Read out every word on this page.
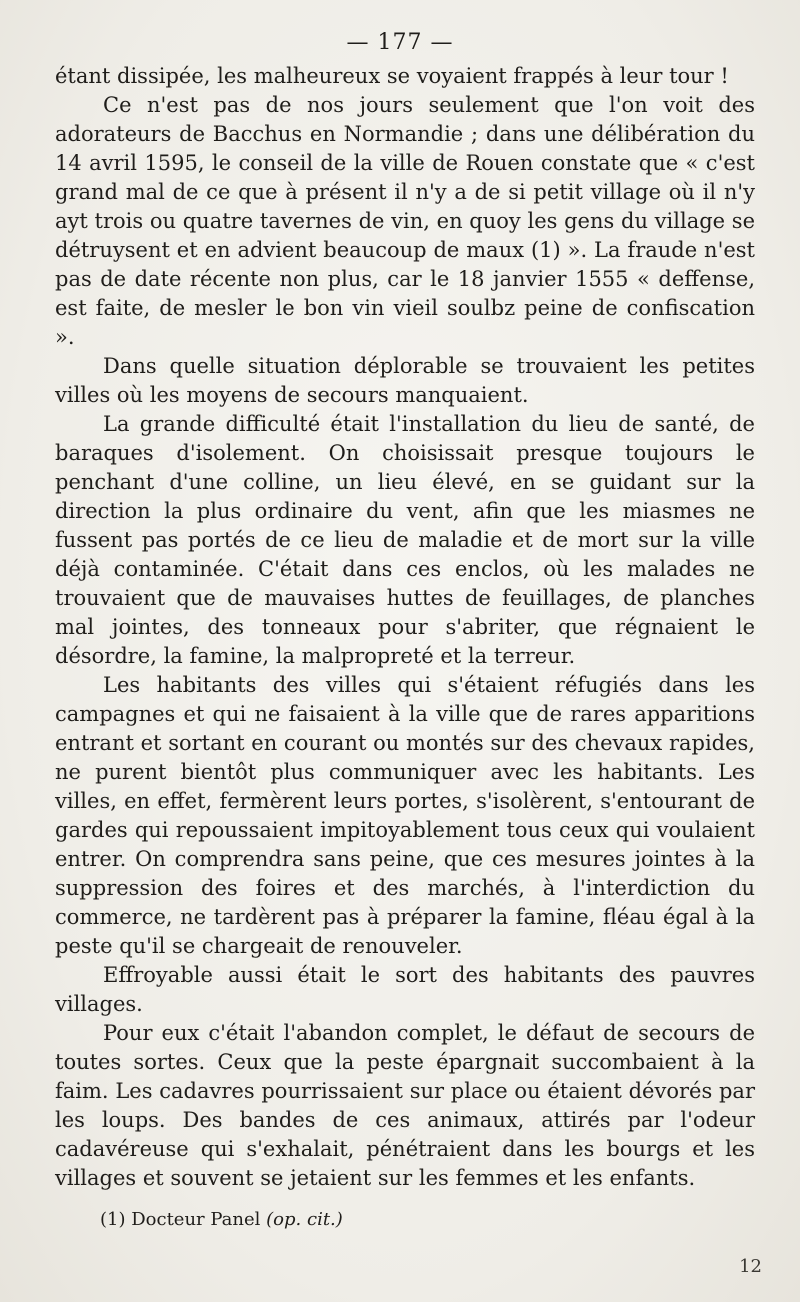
— 177 —

étant dissipée, les malheureux se voyaient frappés à leur tour !

Ce n'est pas de nos jours seulement que l'on voit des adorateurs de Bacchus en Normandie ; dans une délibération du 14 avril 1595, le conseil de la ville de Rouen constate que « c'est grand mal de ce que à présent il n'y a de si petit village où il n'y ayt trois ou quatre tavernes de vin, en quoy les gens du village se détruysent et en advient beaucoup de maux (1) ». La fraude n'est pas de date récente non plus, car le 18 janvier 1555 « deffense, est faite, de mesler le bon vin vieil soulbz peine de confiscation ».

Dans quelle situation déplorable se trouvaient les petites villes où les moyens de secours manquaient.

La grande difficulté était l'installation du lieu de santé, de baraques d'isolement. On choisissait presque toujours le penchant d'une colline, un lieu élevé, en se guidant sur la direction la plus ordinaire du vent, afin que les miasmes ne fussent pas portés de ce lieu de maladie et de mort sur la ville déjà contaminée. C'était dans ces enclos, où les malades ne trouvaient que de mauvaises huttes de feuillages, de planches mal jointes, des tonneaux pour s'abriter, que régnaient le désordre, la famine, la malpropreté et la terreur.

Les habitants des villes qui s'étaient réfugiés dans les campagnes et qui ne faisaient à la ville que de rares apparitions entrant et sortant en courant ou montés sur des chevaux rapides, ne purent bientôt plus communiquer avec les habitants. Les villes, en effet, fermèrent leurs portes, s'isolèrent, s'entourant de gardes qui repoussaient impitoyablement tous ceux qui voulaient entrer. On comprendra sans peine, que ces mesures jointes à la suppression des foires et des marchés, à l'interdiction du commerce, ne tardèrent pas à préparer la famine, fléau égal à la peste qu'il se chargeait de renouveler.

Effroyable aussi était le sort des habitants des pauvres villages.

Pour eux c'était l'abandon complet, le défaut de secours de toutes sortes. Ceux que la peste épargnait succombaient à la faim. Les cadavres pourrissaient sur place ou étaient dévorés par les loups. Des bandes de ces animaux, attirés par l'odeur cadavéreuse qui s'exhalait, pénétraient dans les bourgs et les villages et souvent se jetaient sur les femmes et les enfants.

(1) Docteur Panel (op. cit.)
12
